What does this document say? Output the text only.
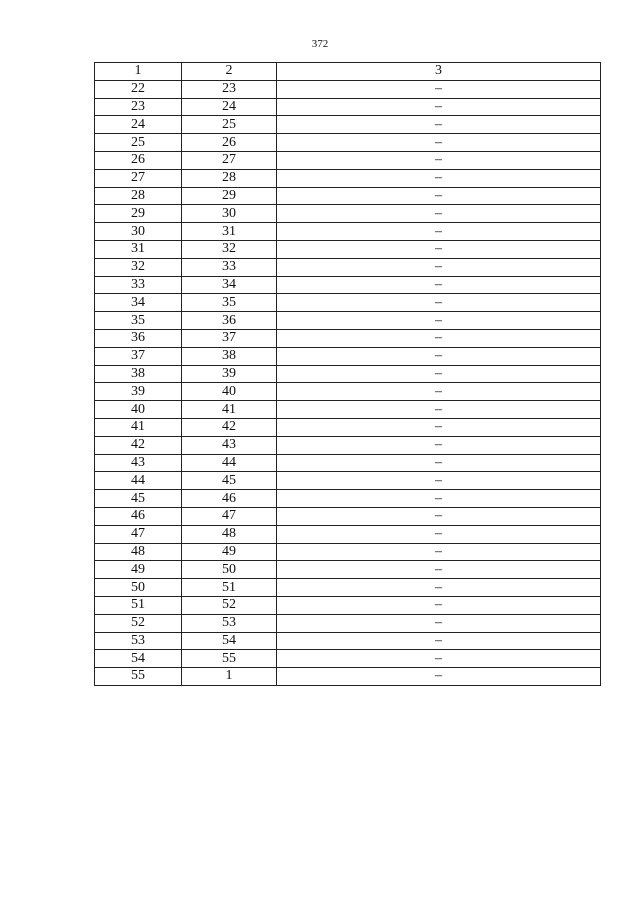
372
1	2	3
22	23	–
23	24	–
24	25	–
25	26	–
26	27	–
27	28	–
28	29	–
29	30	–
30	31	–
31	32	–
32	33	–
33	34	–
34	35	–
35	36	–
36	37	–
37	38	–
38	39	–
39	40	–
40	41	–
41	42	–
42	43	–
43	44	–
44	45	–
45	46	–
46	47	–
47	48	–
48	49	–
49	50	–
50	51	–
51	52	–
52	53	–
53	54	–
54	55	–
55	1	–
